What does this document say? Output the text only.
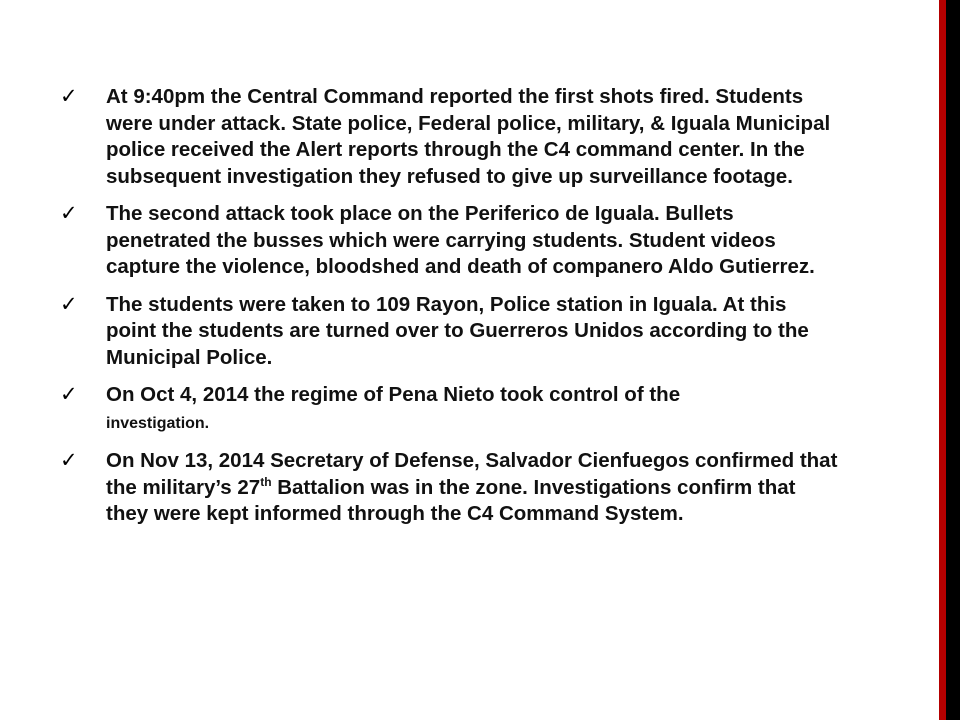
✓ At 9:40pm the Central Command reported the first shots fired. Students were under attack. State police, Federal police, military, & Iguala Municipal police received the Alert reports through the C4 command center. In the subsequent investigation they refused to give up surveillance footage.
✓ The second attack took place on the Periferico de Iguala. Bullets penetrated the busses which were carrying students. Student videos capture the violence, bloodshed and death of companero Aldo Gutierrez.
✓ The students were taken to 109 Rayon, Police station in Iguala. At this point the students are turned over to Guerreros Unidos according to the Municipal Police.
✓ On Oct 4, 2014 the regime of Pena Nieto took control of the
investigation.
✓ On Nov 13, 2014 Secretary of Defense, Salvador Cienfuegos confirmed that the military’s 27th Battalion was in the zone. Investigations confirm that they were kept informed through the C4 Command System.
